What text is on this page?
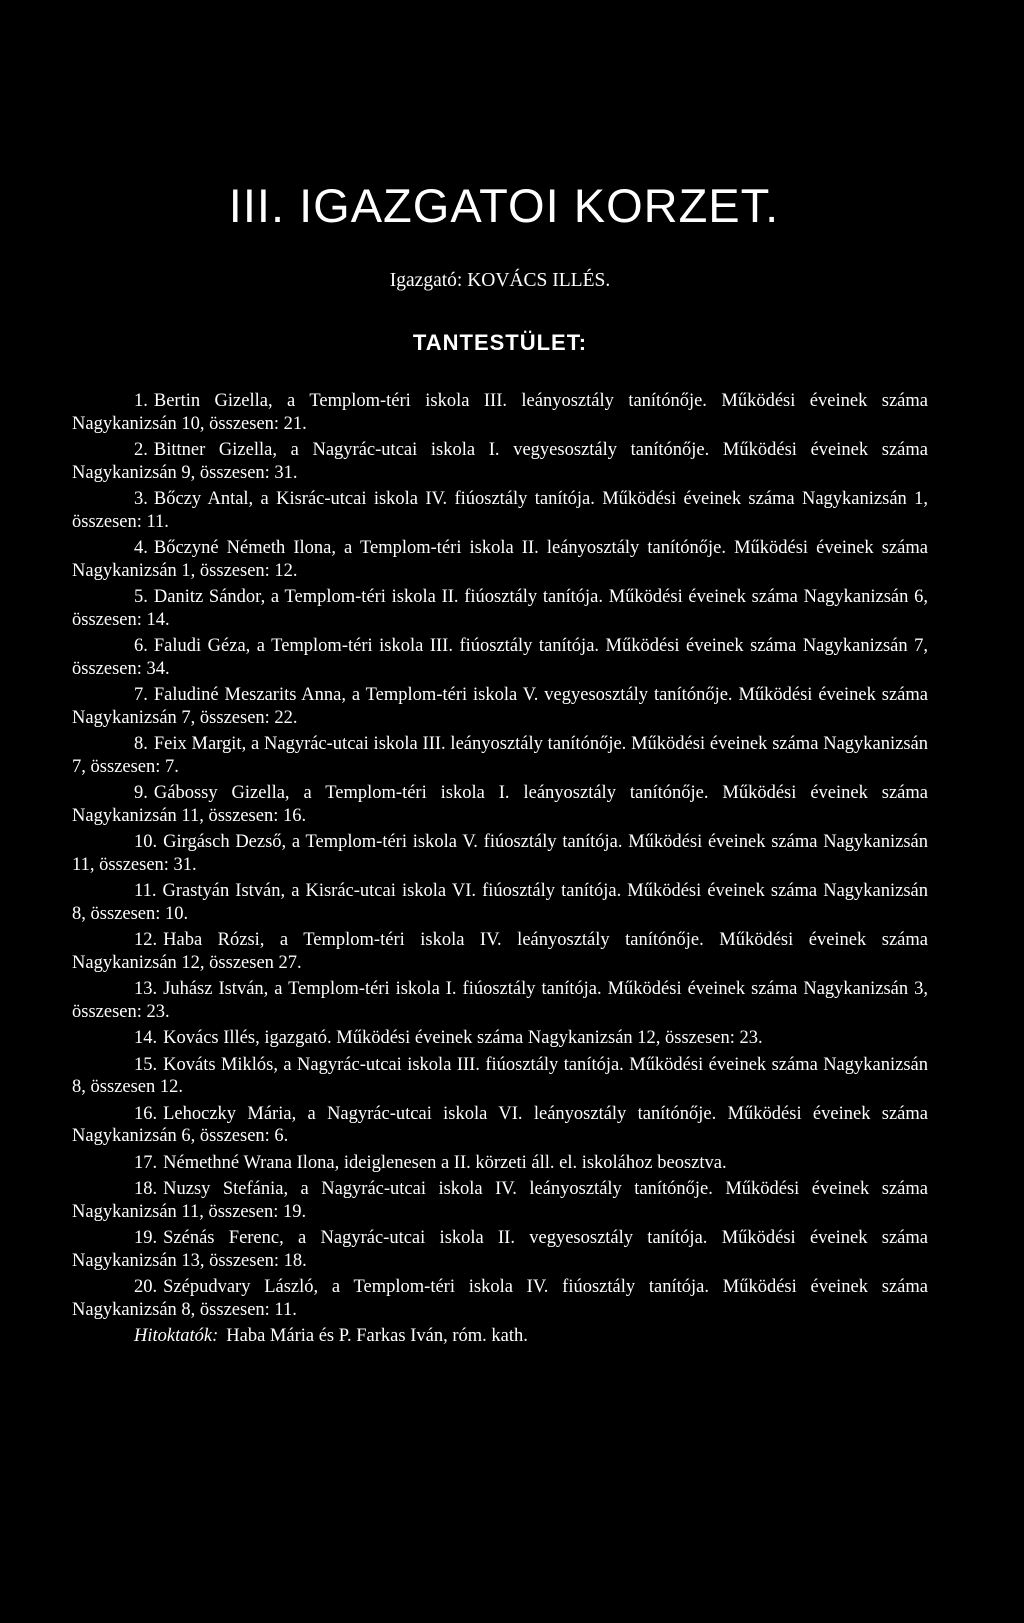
III. IGAZGATOI KORZET.
Igazgató: KOVÁCS ILLÉS.
TANTESTÜLET:
1. Bertin Gizella, a Templom-téri iskola III. leányosztály tanítónője. Működési éveinek száma Nagykanizsán 10, összesen: 21.
2. Bittner Gizella, a Nagyrác-utcai iskola I. vegyesosztály tanítónője. Működési éveinek száma Nagykanizsán 9, összesen: 31.
3. Bőczy Antal, a Kisrác-utcai iskola IV. fiúosztály tanítója. Működési éveinek száma Nagykanizsán 1, összesen: 11.
4. Bőczyné Németh Ilona, a Templom-téri iskola II. leányosztály tanítónője. Működési éveinek száma Nagykanizsán 1, összesen: 12.
5. Danitz Sándor, a Templom-téri iskola II. fiúosztály tanítója. Működési éveinek száma Nagykanizsán 6, összesen: 14.
6. Faludi Géza, a Templom-téri iskola III. fiúosztály tanítója. Működési éveinek száma Nagykanizsán 7, összesen: 34.
7. Faludiné Meszarits Anna, a Templom-téri iskola V. vegyesosztály tanítónője. Működési éveinek száma Nagykanizsán 7, összesen: 22.
8. Feix Margit, a Nagyrác-utcai iskola III. leányosztály tanítónője. Működési éveinek száma Nagykanizsán 7, összesen: 7.
9. Gábossy Gizella, a Templom-téri iskola I. leányosztály tanítónője. Működési éveinek száma Nagykanizsán 11, összesen: 16.
10. Girgásch Dezső, a Templom-téri iskola V. fiúosztály tanítója. Működési éveinek száma Nagykanizsán 11, összesen: 31.
11. Grastyán István, a Kisrác-utcai iskola VI. fiúosztály tanítója. Működési éveinek száma Nagykanizsán 8, összesen: 10.
12. Haba Rózsi, a Templom-téri iskola IV. leányosztály tanítónője. Működési éveinek száma Nagykanizsán 12, összesen 27.
13. Juhász István, a Templom-téri iskola I. fiúosztály tanítója. Működési éveinek száma Nagykanizsán 3, összesen: 23.
14. Kovács Illés, igazgató. Működési éveinek száma Nagykanizsán 12, összesen: 23.
15. Kováts Miklós, a Nagyrác-utcai iskola III. fiúosztály tanítója. Működési éveinek száma Nagykanizsán 8, összesen 12.
16. Lehoczky Mária, a Nagyrác-utcai iskola VI. leányosztály tanítónője. Működési éveinek száma Nagykanizsán 6, összesen: 6.
17. Némethné Wrana Ilona, ideiglenesen a II. körzeti áll. el. iskolához beosztva.
18. Nuzsy Stefánia, a Nagyrác-utcai iskola IV. leányosztály tanítónője. Működési éveinek száma Nagykanizsán 11, összesen: 19.
19. Szénás Ferenc, a Nagyrác-utcai iskola II. vegyesosztály tanítója. Működési éveinek száma Nagykanizsán 13, összesen: 18.
20. Szépudvary László, a Templom-téri iskola IV. fiúosztály tanítója. Működési éveinek száma Nagykanizsán 8, összesen: 11.
Hitoktatók: Haba Mária és P. Farkas Iván, róm. kath.
